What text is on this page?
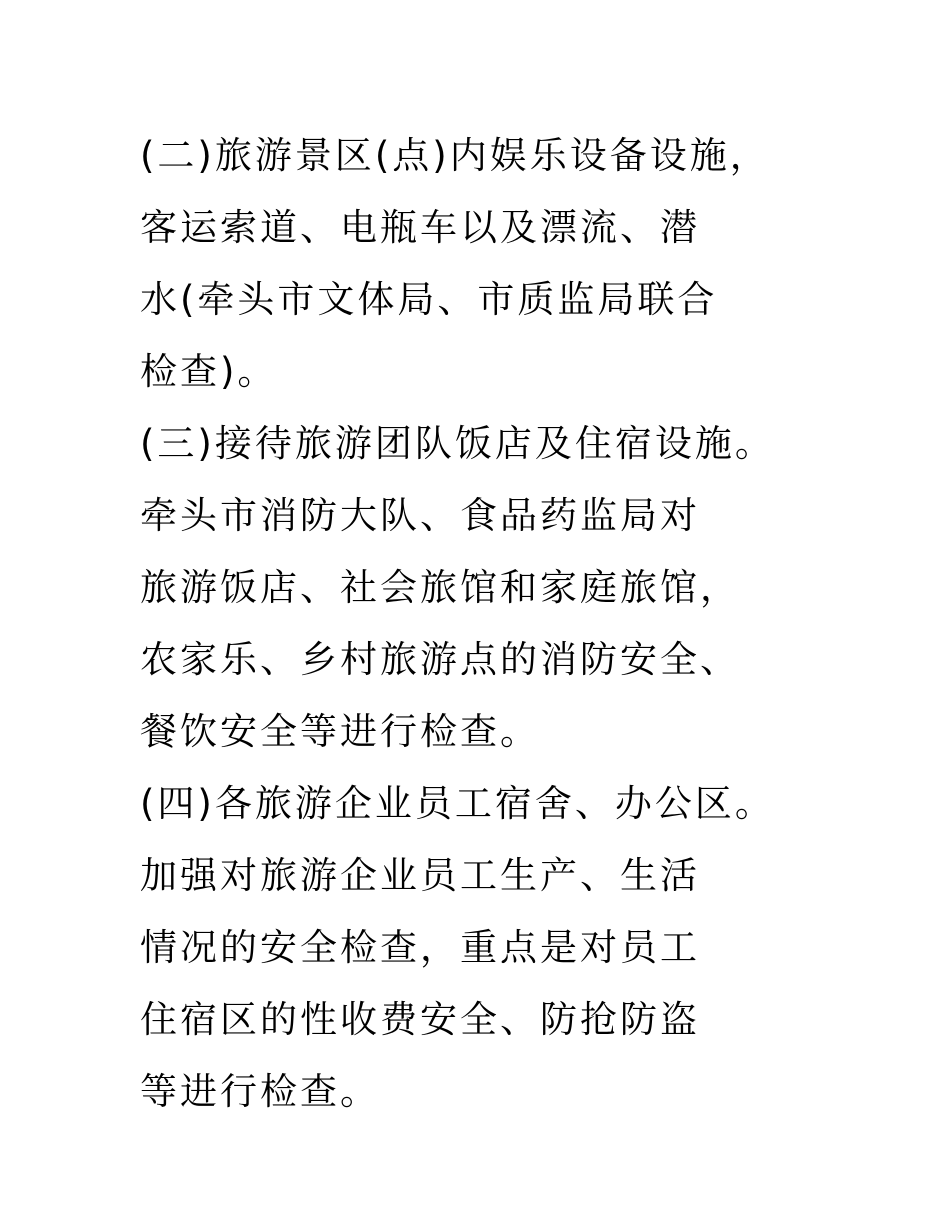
(二)旅游景区(点)内娱乐设备设施，
客运索道、电瓶车以及漂流、潜
水(牵头市文体局、市质监局联合
检查)。
(三)接待旅游团队饭店及住宿设施。
牵头市消防大队、食品药监局对
旅游饭店、社会旅馆和家庭旅馆，
农家乐、乡村旅游点的消防安全、
餐饮安全等进行检查。
(四)各旅游企业员工宿舍、办公区。
加强对旅游企业员工生产、生活
情况的安全检查，重点是对员工
住宿区的性收费安全、防抢防盗
等进行检查。
